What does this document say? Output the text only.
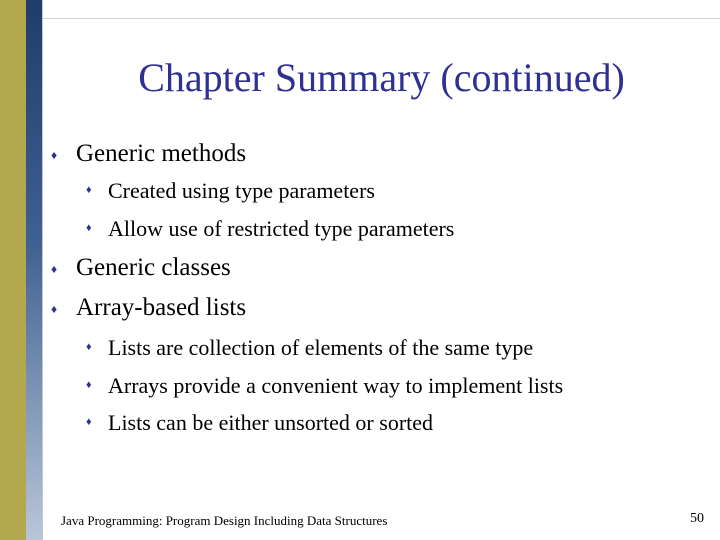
Chapter Summary (continued)
♦ Generic methods
♦ Created using type parameters
♦ Allow use of restricted type parameters
♦ Generic classes
♦ Array-based lists
♦ Lists are collection of elements of the same type
♦ Arrays provide a convenient way to implement lists
♦ Lists can be either unsorted or sorted
Java Programming: Program Design Including Data Structures	50
